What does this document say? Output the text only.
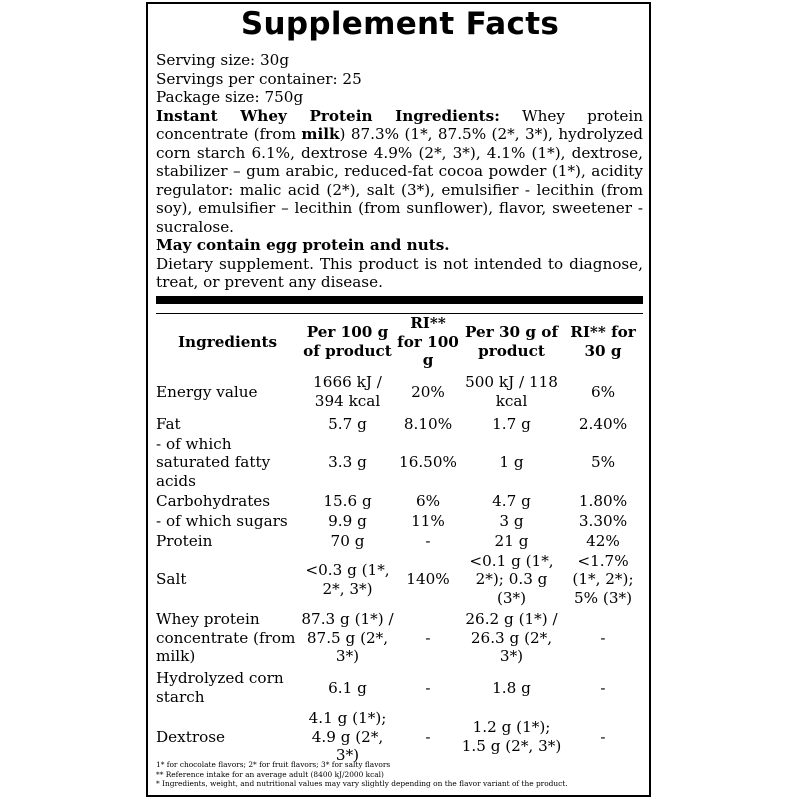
Supplement Facts
Serving size: 30g
Servings per container: 25
Package size: 750g
Instant Whey Protein Ingredients: Whey protein concentrate (from milk) 87.3% (1*, 87.5% (2*, 3*), hydrolyzed corn starch 6.1%, dextrose 4.9% (2*, 3*), 4.1% (1*), dextrose, stabilizer – gum arabic, reduced-fat cocoa powder (1*), acidity regulator: malic acid (2*), salt (3*), emulsifier - lecithin (from soy), emulsifier – lecithin (from sunflower), flavor, sweetener - sucralose.
May contain egg protein and nuts.
Dietary supplement. This product is not intended to diagnose, treat, or prevent any disease.
Ingredients	Per 100 g of product	RI** for 100 g	Per 30 g of product	RI** for 30 g
Energy value	1666 kJ / 394 kcal	20%	500 kJ / 118 kcal	6%
Fat	5.7 g	8.10%	1.7 g	2.40%
- of which saturated fatty acids	3.3 g	16.50%	1 g	5%
Carbohydrates	15.6 g	6%	4.7 g	1.80%
- of which sugars	9.9 g	11%	3 g	3.30%
Protein	70 g	-	21 g	42%
Salt	<0.3 g (1*, 2*, 3*)	140%	<0.1 g (1*, 2*); 0.3 g (3*)	<1.7% (1*, 2*); 5% (3*)
Whey protein concentrate (from milk)	87.3 g (1*) / 87.5 g (2*, 3*)	-	26.2 g (1*) / 26.3 g (2*, 3*)	-
Hydrolyzed corn starch	6.1 g	-	1.8 g	-
Dextrose	4.1 g (1*); 4.9 g (2*, 3*)	-	1.2 g (1*); 1.5 g (2*, 3*)	-
1* for chocolate flavors; 2* for fruit flavors; 3* for salty flavors
** Reference intake for an average adult (8400 kJ/2000 kcal)
* Ingredients, weight, and nutritional values may vary slightly depending on the flavor variant of the product.
